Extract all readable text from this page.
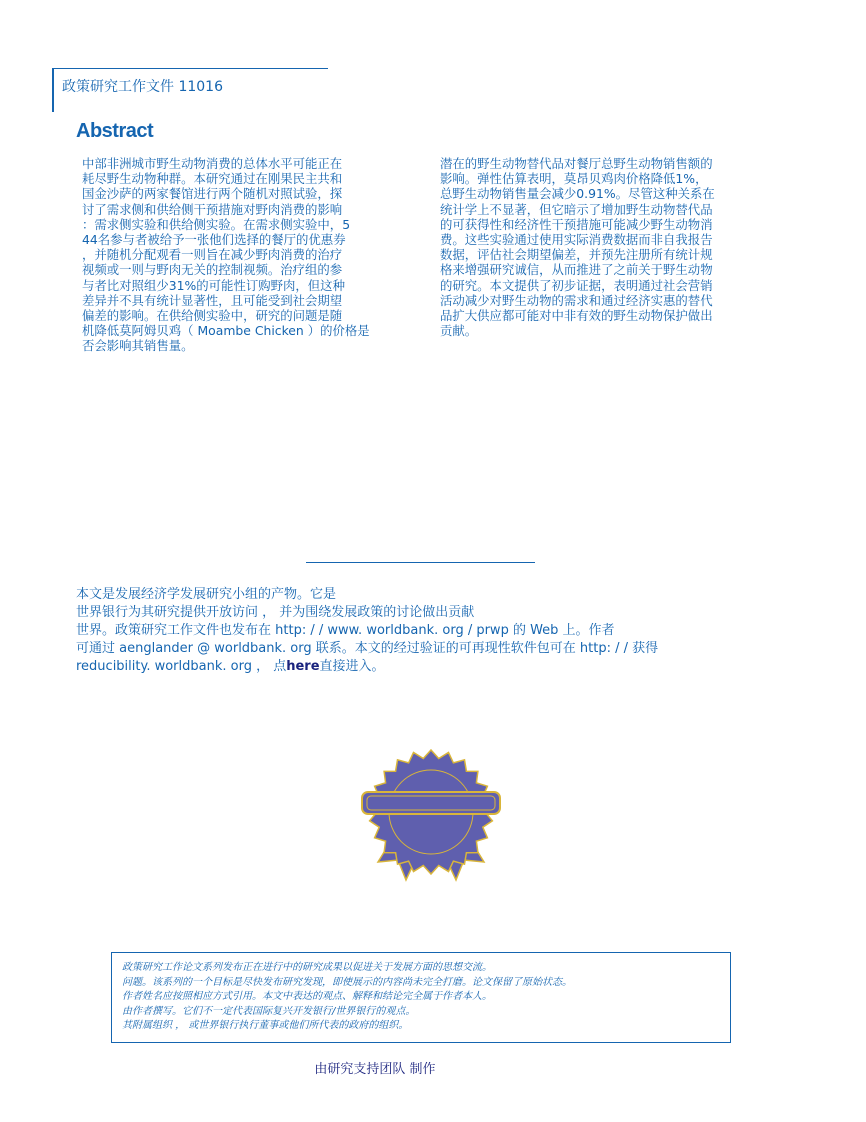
政策研究工作文件 11016
Abstract

中部非洲城市野生动物消费的总体水平可能正在
耗尽野生动物种群。本研究通过在刚果民主共和
国金沙萨的两家餐馆进行两个随机对照试验，探
讨了需求侧和供给侧干预措施对野肉消费的影响
：需求侧实验和供给侧实验。在需求侧实验中，5
44名参与者被给予一张他们选择的餐厅的优惠券
，并随机分配观看一则旨在减少野肉消费的治疗
视频或一则与野肉无关的控制视频。治疗组的参
与者比对照组少31%的可能性订购野肉，但这种
差异并不具有统计显著性，且可能受到社会期望
偏差的影响。在供给侧实验中，研究的问题是随
机降低莫阿姆贝鸡（ Moambe Chicken ）的价格是
否会影响其销售量。

潜在的野生动物替代品对餐厅总野生动物销售额的
影响。弹性估算表明，莫昂贝鸡肉价格降低1%，
总野生动物销售量会减少0.91%。尽管这种关系在
统计学上不显著，但它暗示了增加野生动物替代品
的可获得性和经济性干预措施可能减少野生动物消
费。这些实验通过使用实际消费数据而非自我报告
数据，评估社会期望偏差，并预先注册所有统计规
格来增强研究诚信，从而推进了之前关于野生动物
的研究。本文提供了初步证据，表明通过社会营销
活动减少对野生动物的需求和通过经济实惠的替代
品扩大供应都可能对中非有效的野生动物保护做出
贡献。

本文是发展经济学发展研究小组的产物。它是
世界银行为其研究提供开放访问 ， 并为围绕发展政策的讨论做出贡献
世界。政策研究工作文件也发布在 http: / / www. worldbank. org / prwp 的 Web 上。作者
可通过 aenglander @ worldbank. org 联系。本文的经过验证的可再现性软件包可在 http: / / 获得
reducibility. worldbank. org ， 点here直接进入。
政策研究工作论文系列发布正在进行中的研究成果以促进关于发展方面的思想交流。
问题。该系列的一个目标是尽快发布研究发现，即使展示的内容尚未完全打磨。论文保留了原始状态。
作者姓名应按照相应方式引用。本文中表达的观点、解释和结论完全属于作者本人。
由作者撰写。它们不一定代表国际复兴开发银行/世界银行的观点。
其附属组织 ， 或世界银行执行董事或他们所代表的政府的组织。
由研究支持团队 制作
